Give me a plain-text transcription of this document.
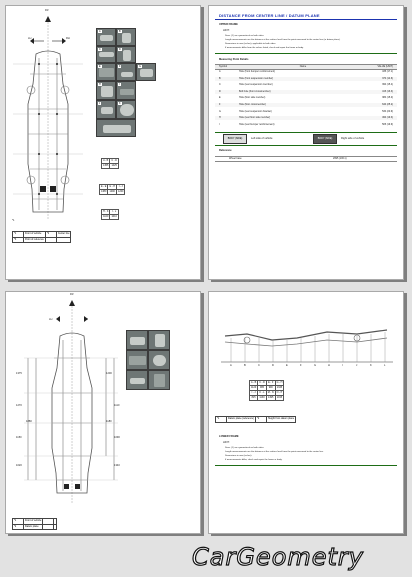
FR
LH	RH
A	B
C	D
E	F	G
H	I
J	K
A - B	C - D
1455	1425
E - E	G - H	I - J
1380	1490	1200
H - K	I - L
1100	1010
*1
*1	Front of vehicle	*2	Center line
*3	Point of reference		
DISTANCE FROM CENTER LINE / DATUM PLANE
UPPER FRAME
HINT:
Dims. (1) are symmetrical on both sides.
Length measurements are the distance at the surface level from the point measured to the center line (or datum plane).
Dimensions in mm (inches); applicable to both sides.
If measurements differ from the values listed, check and repair the frame or body.
Measuring Point Details
Symbol	Name	VALUE (UNIT)
A	Hole (front bumper reinforcement)	435 (17.1)
B	Hole (front suspension member)	370 (14.6)
C	Hole (rear suspension member)	390 (15.4)
D	Bolt hole (front crossmember)	415 (16.3)
E	Hole (floor side member)	380 (15.0)
F	Hole (floor crossmember)	640 (25.2)
G	Hole (rear suspension bracket)	530 (20.9)
H	Hole (rear floor side member)	490 (19.3)
I	Hole (rear bumper reinforcement)	505 (19.9)
BODY (SIDE)	Left side of vehicle	BODY (SIDE)	Right side of vehicle
Reference
Wheel base	2695 (106.1)
FR
LH	RH
1375
1270
1150
1020
1880
1200
1180
1110
1090
1340
*1	Front of vehicle		
*2	Datum plane		
A	B	C	D	E	F	G	H	I	J	K	L
A - B	C - D	E - F	G - H
1120	995	990	1345
I - J	K - L	M - N	O - P
815	1130	1495	1015
*1	Datum plane (reference)	*2	Height from datum plane
LOWER FRAME
HINT:
Dims. (1) are symmetrical on both sides.
Length measurements are the distance at the surface level from the point measured to the center line.
Dimensions in mm (inches).
If measurements differ, check and repair the frame or body.
CarGeometry
